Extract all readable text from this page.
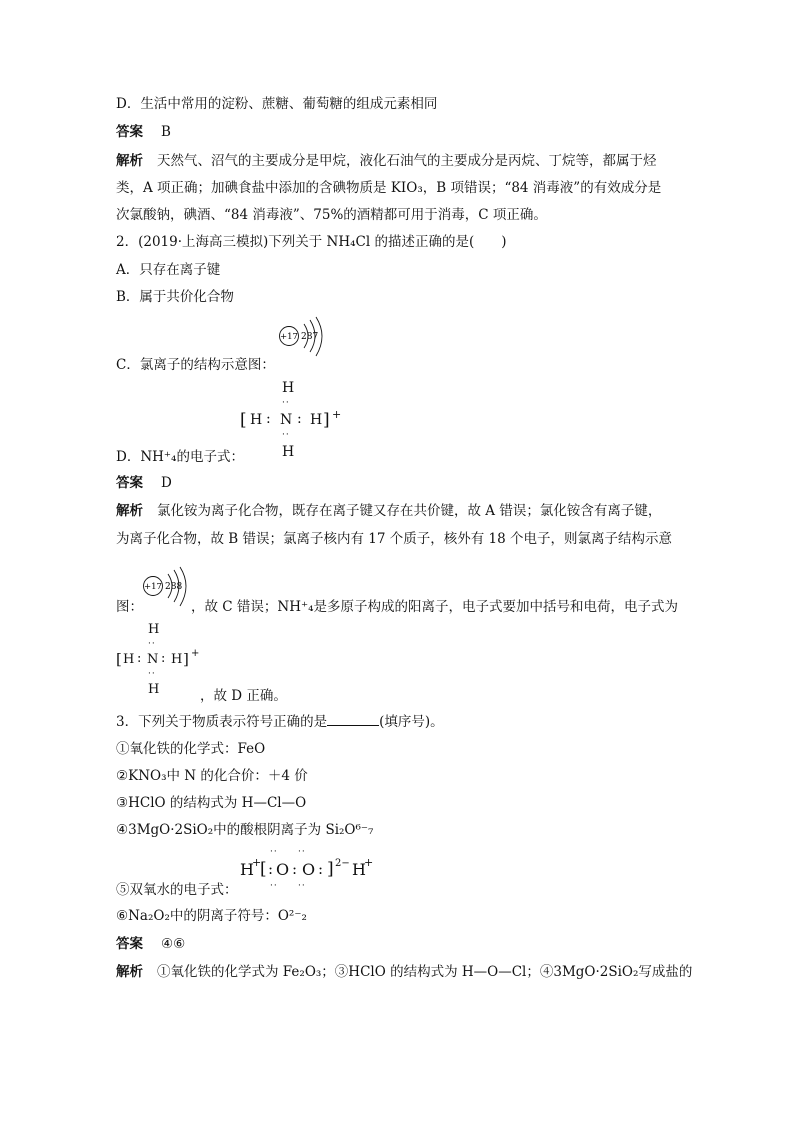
D．生活中常用的淀粉、蔗糖、葡萄糖的组成元素相同
答案 B
解析 天然气、沼气的主要成分是甲烷，液化石油气的主要成分是丙烷、丁烷等，都属于烃
类，A 项正确；加碘食盐中添加的含碘物质是 KIO₃，B 项错误；“84 消毒液”的有效成分是
次氯酸钠，碘酒、“84 消毒液”、75%的酒精都可用于消毒，C 项正确。
2．(2019·上海高三模拟)下列关于 NH₄Cl 的描述正确的是(　　)
A．只存在离子键
B．属于共价化合物
+17 287
C．氯离子的结构示意图：
H
··
[ H : N : H ] +
··
H
D．NH⁺₄的电子式：
答案 D
解析 氯化铵为离子化合物，既存在离子键又存在共价键，故 A 错误；氯化铵含有离子键，
为离子化合物，故 B 错误；氯离子核内有 17 个质子，核外有 18 个电子，则氯离子结构示意
+17 288
图：	，故 C 错误；NH⁺₄是多原子构成的阳离子，电子式要加中括号和电荷，电子式为
H
··
[ H : N : H ] +
··
H	，故 D 正确。
3．下列关于物质表示符号正确的是	(填序号)。
①氧化铁的化学式：FeO
②KNO₃中 N 的化合价：＋4 价
③HClO 的结构式为 H—Cl—O
④3MgO·2SiO₂中的酸根阴离子为 Si₂O⁶⁻₇
·· ··
H
+
[ : O : O : ] 2− H
+
·· ··
⑤双氧水的电子式：
⑥Na₂O₂中的阴离子符号：O²⁻₂
答案 ④⑥
解析 ①氧化铁的化学式为 Fe₂O₃；③HClO 的结构式为 H—O—Cl；④3MgO·2SiO₂写成盐的
